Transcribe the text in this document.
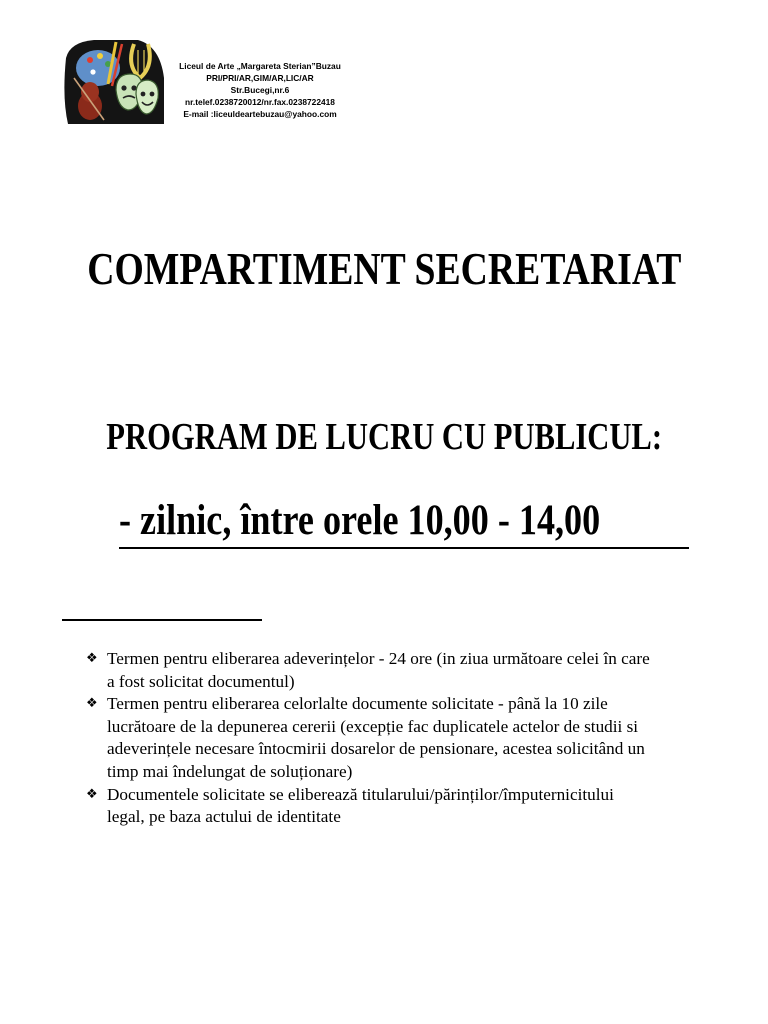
Liceul de Arte „Margareta Sterian”Buzau
PRI/PRI/AR,GIM/AR,LIC/AR
Str.Bucegi,nr.6
nr.telef.0238720012/nr.fax.0238722418
E-mail :liceuldeartebuzau@yahoo.com
COMPARTIMENT SECRETARIAT
PROGRAM DE LUCRU CU PUBLICUL:
- zilnic, între orele 10,00 - 14,00
❖ Termen pentru eliberarea adeverințelor - 24 ore (in ziua următoare celei în care
a fost solicitat documentul)
❖ Termen pentru eliberarea celorlalte documente solicitate - până la 10 zile
lucrătoare de la depunerea cererii (excepție fac duplicatele actelor de studii si
adeverințele necesare întocmirii dosarelor de pensionare, acestea solicitând un
timp mai îndelungat de soluționare)
❖ Documentele solicitate se eliberează titularului/părinților/împuternicitului
legal, pe baza actului de identitate
